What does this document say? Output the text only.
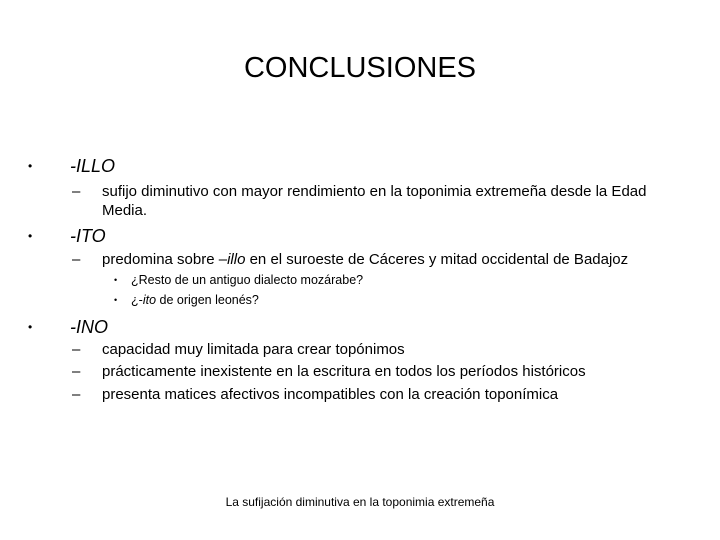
CONCLUSIONES
• -ILLO
– sufijo diminutivo con mayor rendimiento en la toponimia extremeña desde la Edad Media.
• -ITO
– predomina sobre –illo en el suroeste de Cáceres y mitad occidental de Badajoz
• ¿Resto de un antiguo dialecto mozárabe?
• ¿-ito de origen leonés?
• -INO
– capacidad muy limitada para crear topónimos
– prácticamente inexistente en la escritura en todos los períodos históricos
– presenta matices afectivos incompatibles con la creación toponímica
La sufijación diminutiva en la toponimia extremeña
